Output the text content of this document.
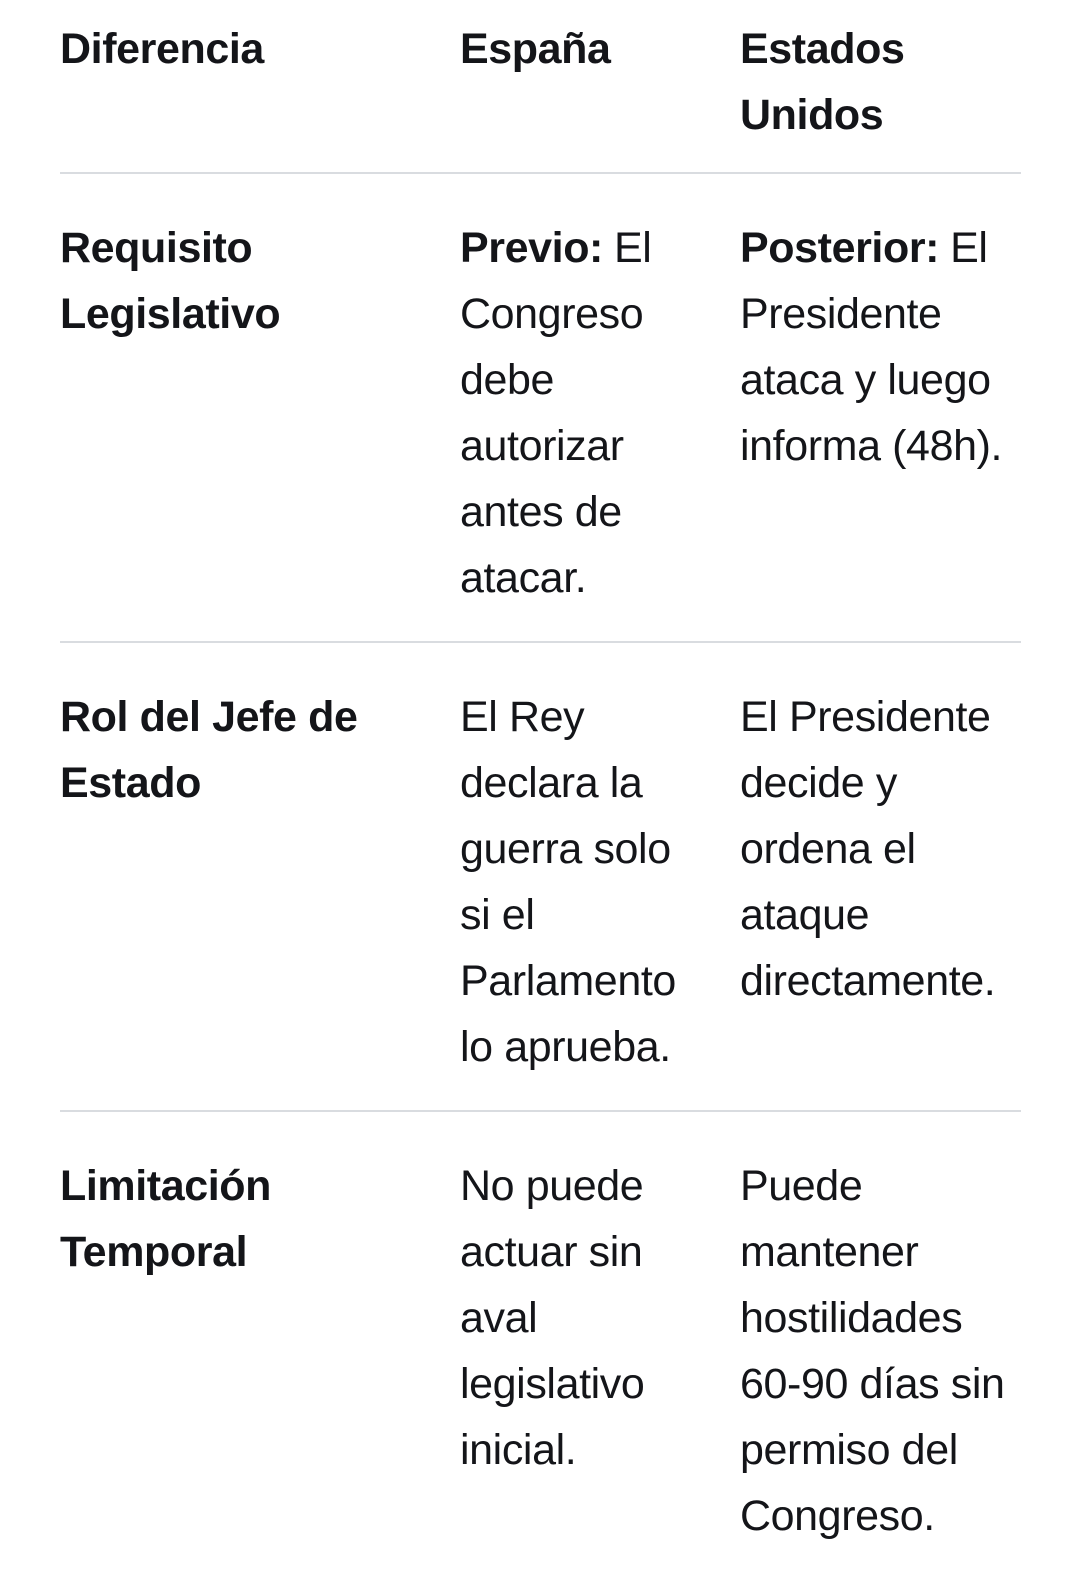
Diferencia	España	Estados Unidos
Requisito Legislativo
Previo: El Congreso debe autorizar antes de atacar.
Posterior: El Presidente ataca y luego informa (48h).
Rol del Jefe de Estado
El Rey declara la guerra solo si el Parlamento lo aprueba.
El Presidente decide y ordena el ataque directamente.
Limitación Temporal
No puede actuar sin aval legislativo inicial.
Puede mantener hostilidades 60-90 días sin permiso del Congreso.
